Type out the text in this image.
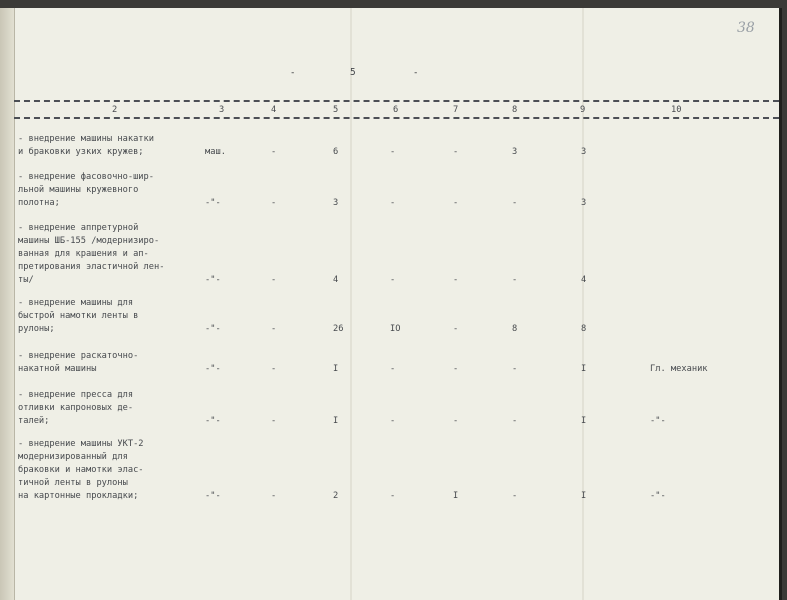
38
-	5	-
2	3	4	5	6	7	8	9	10
- внедрение машины накатки
и браковки узких кружев;	маш.	-	6	-	-	3	3
- внедрение фасовочно-шир-
льной машины кружевного
полотна;	-"-	-	3	-	-	-	3
- внедрение аппретурной
машины ШБ-155 /модернизиро-
ванная для крашения и ап-
претирования эластичной лен-
ты/	-"-	-	4	-	-	-	4
- внедрение машины для
быстрой намотки ленты в
рулоны;	-"-	-	26	IO	-	8	8
- внедрение раскаточно-
накатной машины	-"-	-	I	-	-	-	I	Гл. механик
- внедрение пресса для
отливки капроновых де-
талей;	-"-	-	I	-	-	-	I	-"-
- внедрение машины УКТ-2
модернизированный для
браковки и намотки элас-
тичной ленты в рулоны
на картонные прокладки;	-"-	-	2	-	I	-	I	-"-
